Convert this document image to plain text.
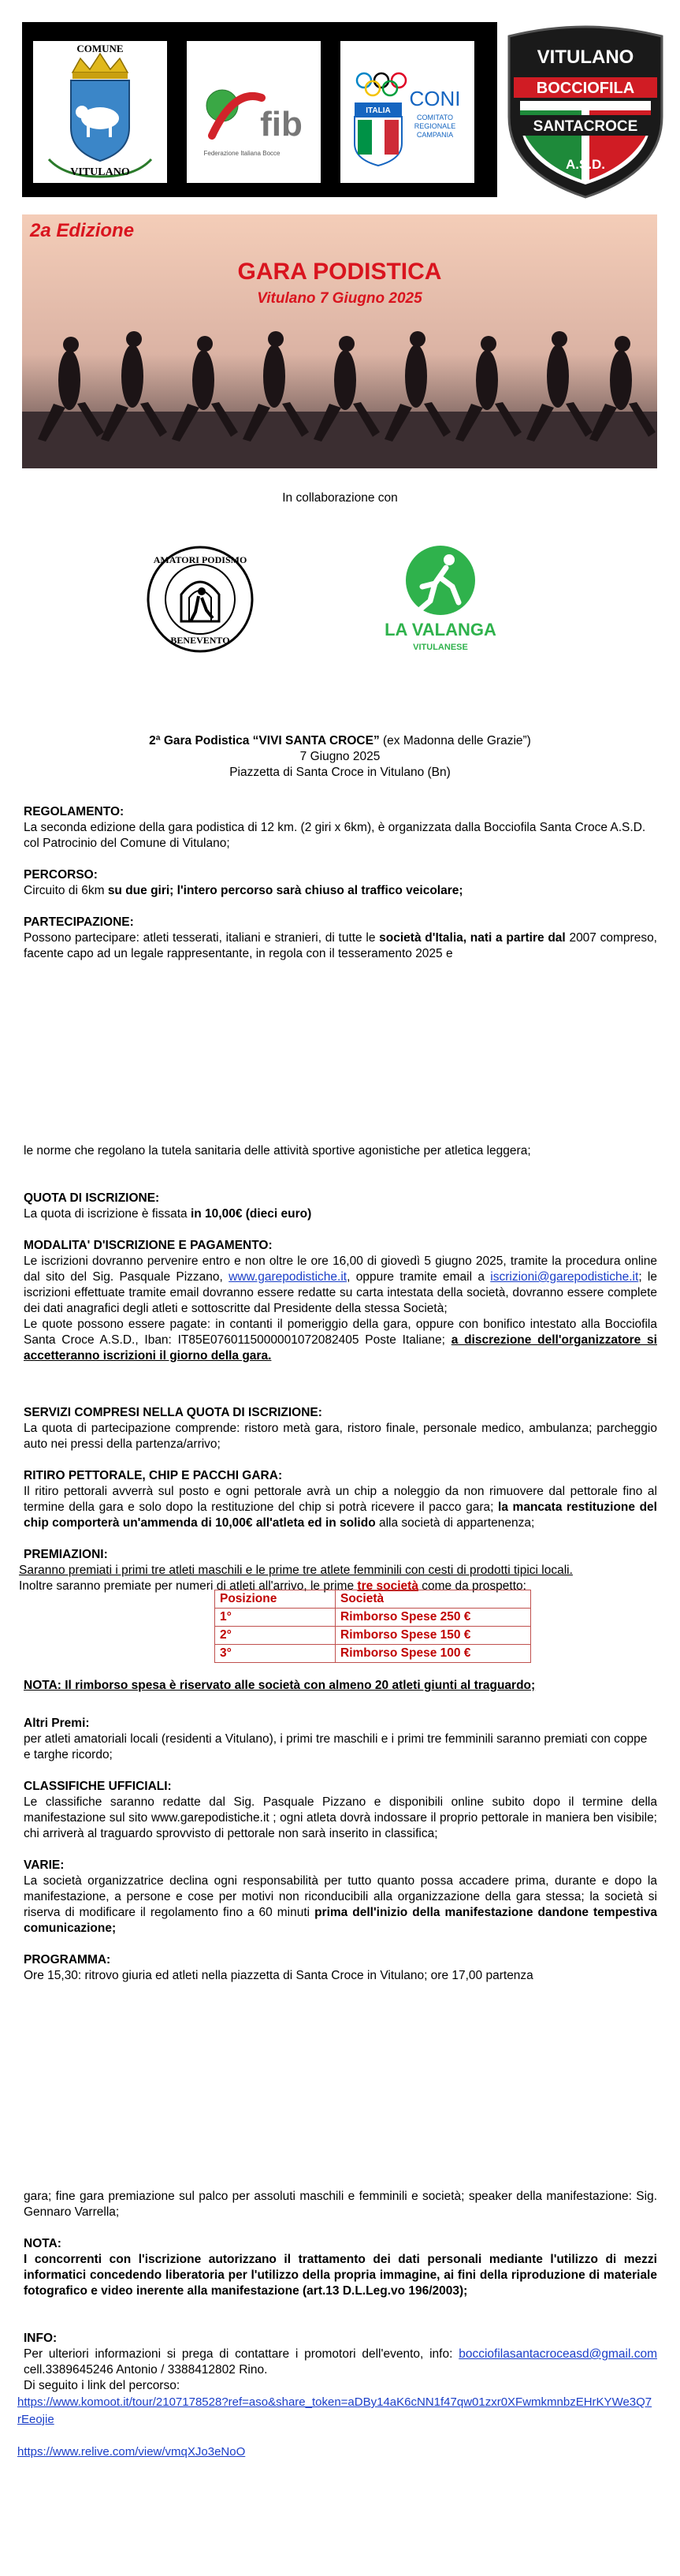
COMUNE
VITULANO
fib
Federazione Italiana Bocce
ITALIA
CONI
COMITATO
REGIONALE
CAMPANIA
VITULANO
BOCCIOFILA
SANTACROCE
A.S.D.
2a Edizione
GARA PODISTICA
Vitulano 7 Giugno 2025
In collaborazione con
AMATORI PODISMO
BENEVENTO
LA VALANGA
VITULANESE
2ª Gara Podistica “VIVI SANTA CROCE” (ex Madonna delle Grazie”)
7 Giugno 2025
Piazzetta di Santa Croce in Vitulano (Bn)
REGOLAMENTO:
La seconda edizione della gara podistica di 12 km. (2 giri x 6km), è organizzata dalla Bocciofila Santa Croce A.S.D. col Patrocinio del Comune di Vitulano;
PERCORSO:
Circuito di 6km su due giri; l'intero percorso sarà chiuso al traffico veicolare;
PARTECIPAZIONE:
Possono partecipare: atleti tesserati, italiani e stranieri, di tutte le società d'Italia, nati a partire dal 2007 compreso, facente capo ad un legale rappresentante, in regola con il tesseramento 2025 e
le norme che regolano la tutela sanitaria delle attività sportive agonistiche per atletica leggera;
QUOTA DI ISCRIZIONE:
La quota di iscrizione è fissata in 10,00€ (dieci euro)
MODALITA' D'ISCRIZIONE E PAGAMENTO:
Le iscrizioni dovranno pervenire entro e non oltre le ore 16,00 di giovedì 5 giugno 2025, tramite la procedura online dal sito del Sig. Pasquale Pizzano, www.garepodistiche.it, oppure tramite email a iscrizioni@garepodistiche.it; le iscrizioni effettuate tramite email dovranno essere redatte su carta intestata della società, dovranno essere complete dei dati anagrafici degli atleti e sottoscritte dal Presidente della stessa Società;
Le quote possono essere pagate: in contanti il pomeriggio della gara, oppure con bonifico intestato alla Bocciofila Santa Croce A.S.D., Iban: IT85E0760115000001072082405 Poste Italiane; a discrezione dell'organizzatore si accetteranno iscrizioni il giorno della gara.
SERVIZI COMPRESI NELLA QUOTA DI ISCRIZIONE:
La quota di partecipazione comprende: ristoro metà gara, ristoro finale, personale medico, ambulanza; parcheggio auto nei pressi della partenza/arrivo;
RITIRO PETTORALE, CHIP E PACCHI GARA:
Il ritiro pettorali avverrà sul posto e ogni pettorale avrà un chip a noleggio da non rimuovere dal pettorale fino al termine della gara e solo dopo la restituzione del chip si potrà ricevere il pacco gara; la mancata restituzione del chip comporterà un'ammenda di 10,00€ all'atleta ed in solido alla società di appartenenza;
PREMIAZIONI:
Saranno premiati i primi tre atleti maschili e le prime tre atlete femminili con cesti di prodotti tipici locali.
Inoltre saranno premiate per numeri di atleti all'arrivo, le prime tre società come da prospetto:
Posizione	Società
1°	Rimborso Spese 250 €
2°	Rimborso Spese 150 €
3°	Rimborso Spese 100 €
NOTA: Il rimborso spesa è riservato alle società con almeno 20 atleti giunti al traguardo;
Altri Premi:
per atleti amatoriali locali (residenti a Vitulano), i primi tre maschili e i primi tre femminili saranno premiati con coppe e targhe ricordo;
CLASSIFICHE UFFICIALI:
Le classifiche saranno redatte dal Sig. Pasquale Pizzano e disponibili online subito dopo il termine della manifestazione sul sito www.garepodistiche.it ; ogni atleta dovrà indossare il proprio pettorale in maniera ben visibile; chi arriverà al traguardo sprovvisto di pettorale non sarà inserito in classifica;
VARIE:
La società organizzatrice declina ogni responsabilità per tutto quanto possa accadere prima, durante e dopo la manifestazione, a persone e cose per motivi non riconducibili alla organizzazione della gara stessa; la società si riserva di modificare il regolamento fino a 60 minuti prima dell'inizio della manifestazione dandone tempestiva comunicazione;
PROGRAMMA:
Ore 15,30: ritrovo giuria ed atleti nella piazzetta di Santa Croce in Vitulano; ore 17,00 partenza
gara; fine gara premiazione sul palco per assoluti maschili e femminili e società; speaker della manifestazione: Sig. Gennaro Varrella;
NOTA:
I concorrenti con l'iscrizione autorizzano il trattamento dei dati personali mediante l'utilizzo di mezzi informatici concedendo liberatoria per l'utilizzo della propria immagine, ai fini della riproduzione di materiale fotografico e video inerente alla manifestazione (art.13 D.L.Leg.vo 196/2003);
INFO:
Per ulteriori informazioni si prega di contattare i promotori dell'evento, info: bocciofilasantacroceasd@gmail.com cell.3389645246 Antonio / 3388412802 Rino.
Di seguito i link del percorso:
https://www.komoot.it/tour/2107178528?ref=aso&share_token=aDBy14aK6cNN1f47qw01zxr0XFwmkmnbzEHrKYWe3Q7rEeojie
https://www.relive.com/view/vmqXJo3eNoO
